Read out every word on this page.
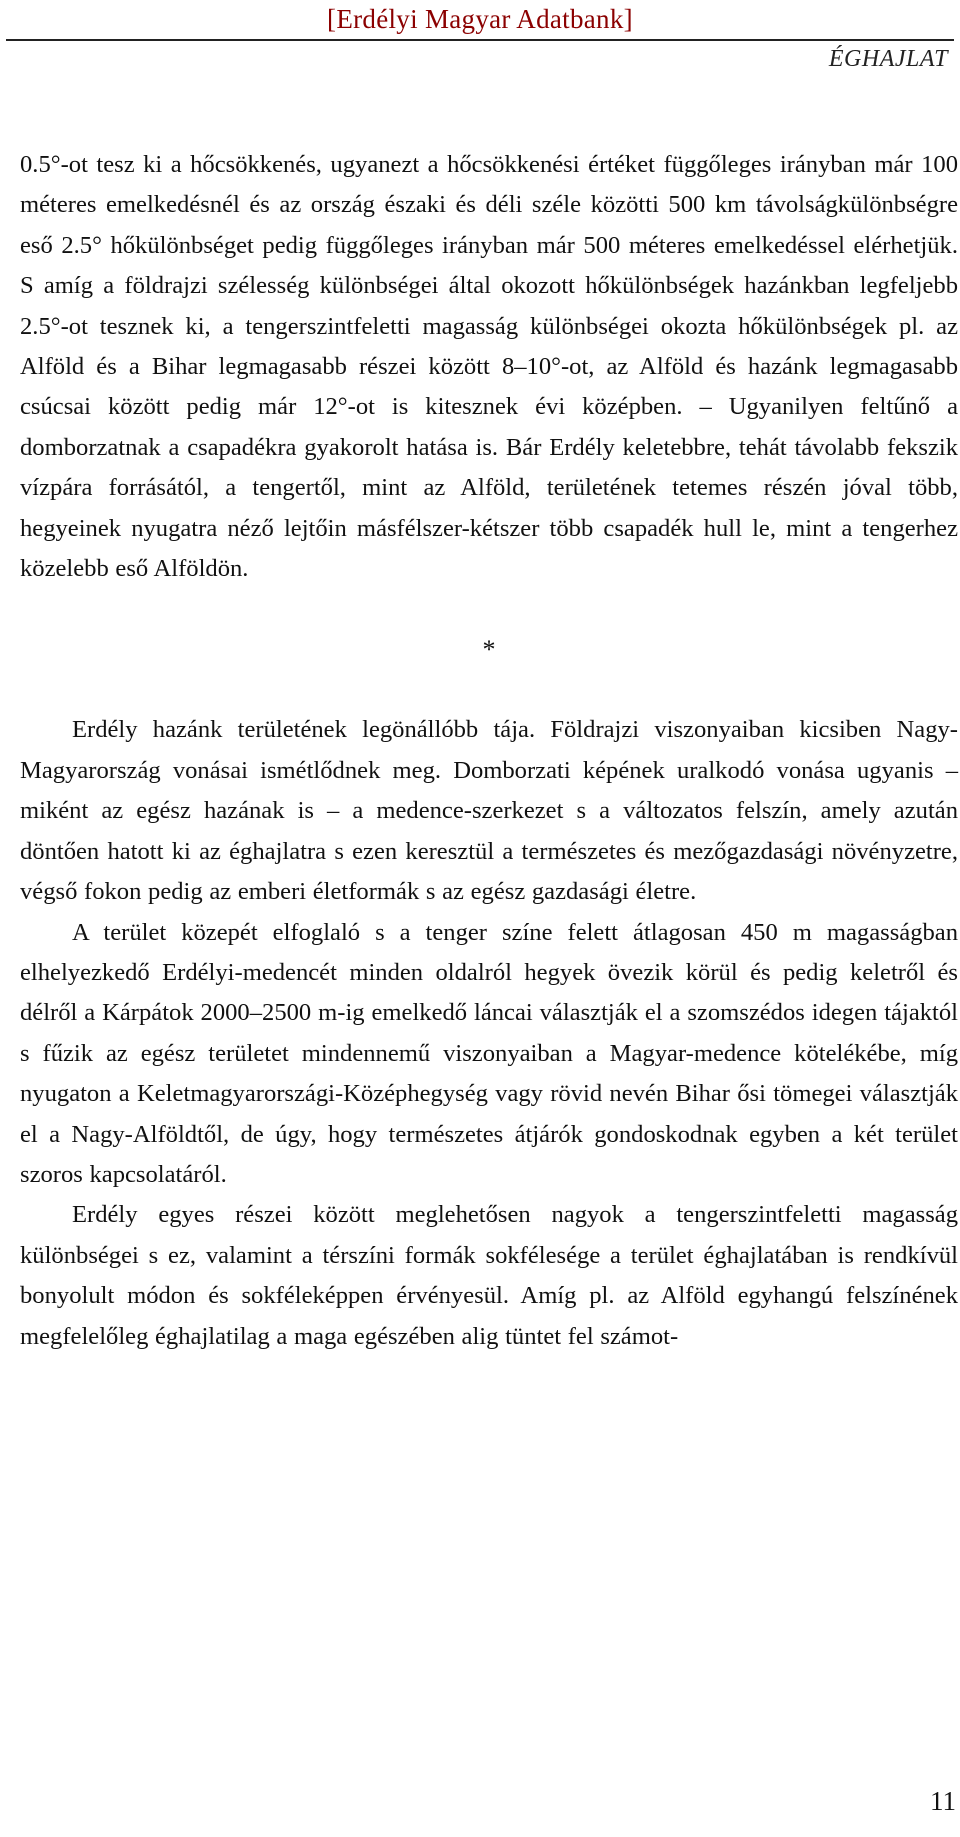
[Erdélyi Magyar Adatbank]
ÉGHAJLAT

0.5°-ot tesz ki a hőcsökkenés, ugyanezt a hőcsökkenési értéket függőleges irányban már 100 méteres emelkedésnél és az ország északi és déli széle közötti 500 km távolságkülönbségre eső 2.5° hőkülönbséget pedig függőleges irányban már 500 méteres emelkedéssel elérhetjük. S amíg a földrajzi szélesség különbségei által okozott hőkülönbségek hazánkban legfeljebb 2.5°-ot tesznek ki, a tengerszintfeletti magasság különbségei okozta hőkülönbségek pl. az Alföld és a Bihar legmagasabb részei között 8–10°-ot, az Alföld és hazánk legmagasabb csúcsai között pedig már 12°-ot is kitesznek évi középben. – Ugyanilyen feltűnő a domborzatnak a csapadékra gyakorolt hatása is. Bár Erdély keletebbre, tehát távolabb fekszik vízpára forrásától, a tengertől, mint az Alföld, területének tetemes részén jóval több, hegyeinek nyugatra néző lejtőin másfélszer-kétszer több csapadék hull le, mint a tengerhez közelebb eső Alföldön.

*

Erdély hazánk területének legönállóbb tája. Földrajzi viszonyaiban kicsiben Nagy-Magyarország vonásai ismétlődnek meg. Domborzati képének uralkodó vonása ugyanis – miként az egész hazának is – a medence-szerkezet s a változatos felszín, amely azután döntően hatott ki az éghajlatra s ezen keresztül a természetes és mezőgazdasági növényzetre, végső fokon pedig az emberi életformák s az egész gazdasági életre.

A terület közepét elfoglaló s a tenger színe felett átlagosan 450 m magasságban elhelyezkedő Erdélyi-medencét minden oldalról hegyek övezik körül és pedig keletről és délről a Kárpátok 2000–2500 m-ig emelkedő láncai választják el a szomszédos idegen tájaktól s fűzik az egész területet mindennemű viszonyaiban a Magyar-medence kötelékébe, míg nyugaton a Keletmagyarországi-Középhegység vagy rövid nevén Bihar ősi tömegei választják el a Nagy-Alföldtől, de úgy, hogy természetes átjárók gondoskodnak egyben a két terület szoros kapcsolatáról.

Erdély egyes részei között meglehetősen nagyok a tengerszintfeletti magasság különbségei s ez, valamint a térszíni formák sokfélesége a terület éghajlatában is rendkívül bonyolult módon és sokféleképpen érvényesül. Amíg pl. az Alföld egyhangú felszínének megfelelőleg éghajlatilag a maga egészében alig tüntet fel számot-

11
